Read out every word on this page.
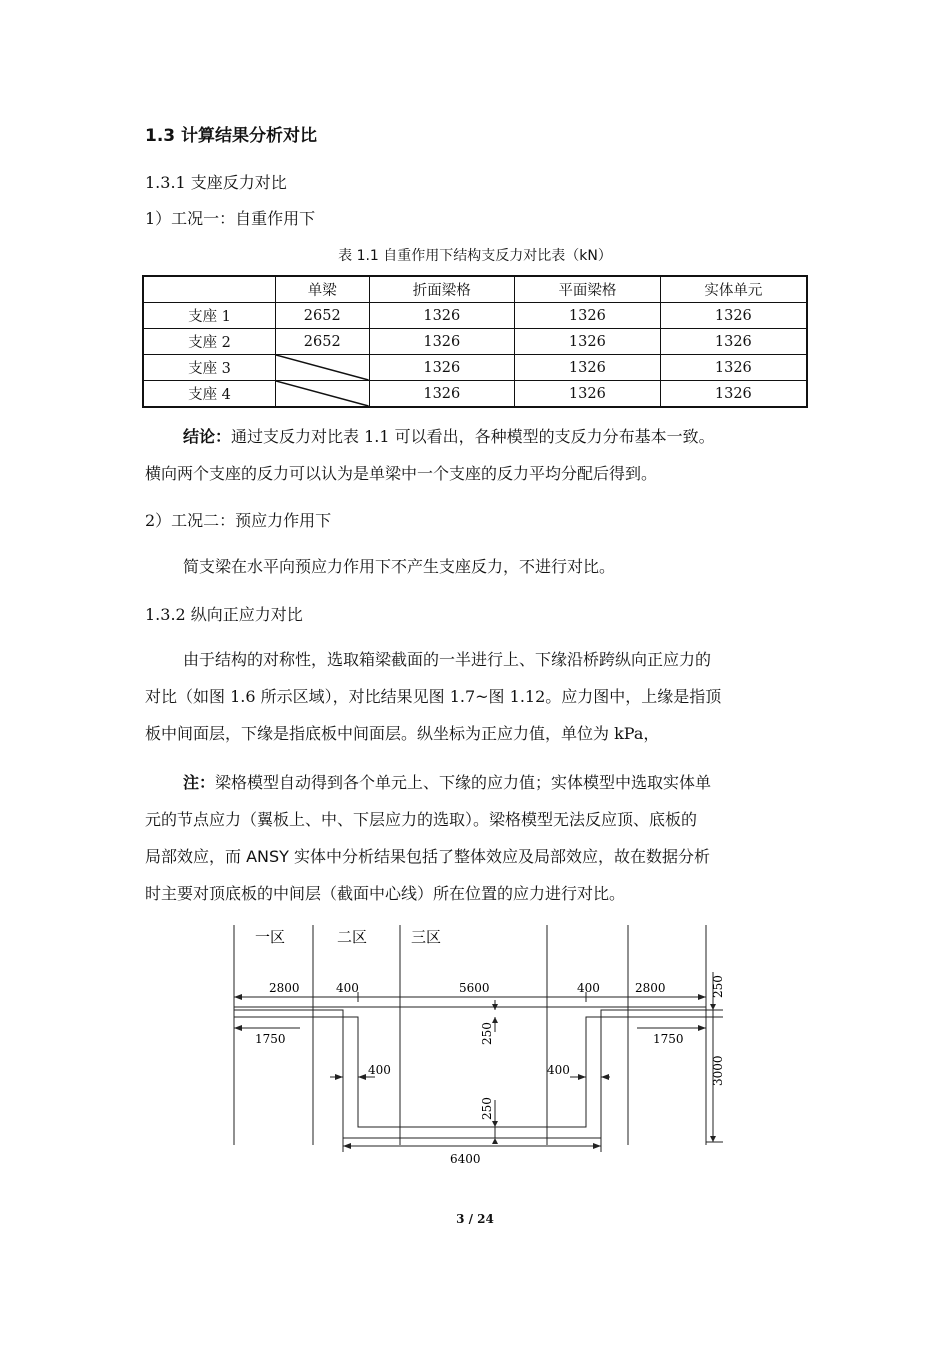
1.3 计算结果分析对比
1.3.1 支座反力对比
1）工况一：自重作用下
表 1.1 自重作用下结构支反力对比表（kN）
	单梁	折面梁格	平面梁格	实体单元
支座 1	2652	1326	1326	1326
支座 2	2652	1326	1326	1326
支座 3		1326	1326	1326
支座 4		1326	1326	1326
结论：通过支反力对比表 1.1 可以看出，各种模型的支反力分布基本一致。

横向两个支座的反力可以认为是单梁中一个支座的反力平均分配后得到。
2）工况二：预应力作用下
简支梁在水平向预应力作用下不产生支座反力，不进行对比。
1.3.2 纵向正应力对比
由于结构的对称性，选取箱梁截面的一半进行上、下缘沿桥跨纵向正应力的
对比（如图 1.6 所示区域），对比结果见图 1.7~图 1.12。应力图中，上缘是指顶
板中间面层，下缘是指底板中间面层。纵坐标为正应力值，单位为 kPa，
注：梁格模型自动得到各个单元上、下缘的应力值；实体模型中选取实体单
元的节点应力（翼板上、中、下层应力的选取）。梁格模型无法反应顶、底板的
局部效应，而 ANSY 实体中分析结果包括了整体效应及局部效应，故在数据分析
时主要对顶底板的中间层（截面中心线）所在位置的应力进行对比。
一区	二区	三区
2800	400	5600	400	2800
1750	1750
400	400
6400
250
250
250
3000
3 / 24
